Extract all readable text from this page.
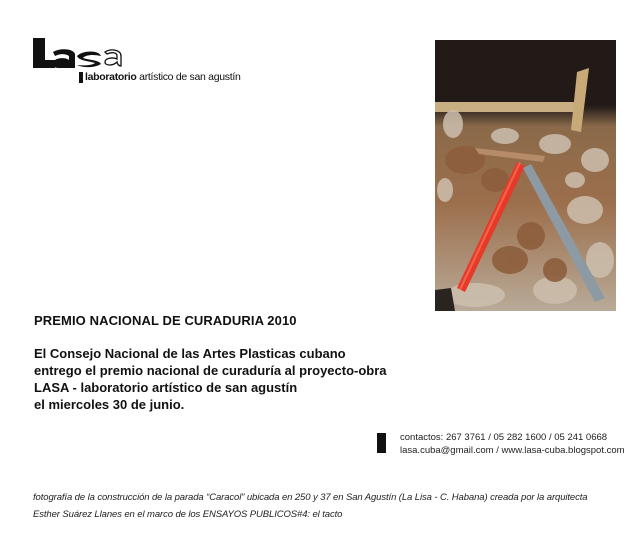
laboratorio artístico de san agustín
PREMIO NACIONAL DE CURADURIA 2010
El Consejo Nacional de las Artes Plasticas cubano
entrego el premio nacional de curaduría al proyecto-obra
LASA - laboratorio artístico de san agustín
el miercoles 30 de junio.
contactos: 267 3761 / 05 282 1600 / 05 241 0668
lasa.cuba@gmail.com / www.lasa-cuba.blogspot.com
fotografía de la construcción de la parada “Caracol” ubicada en 250 y 37 en San Agustín (La Lisa - C. Habana) creada por la arquitecta
Esther Suárez Llanes en el marco de los ENSAYOS PUBLICOS#4: el tacto
